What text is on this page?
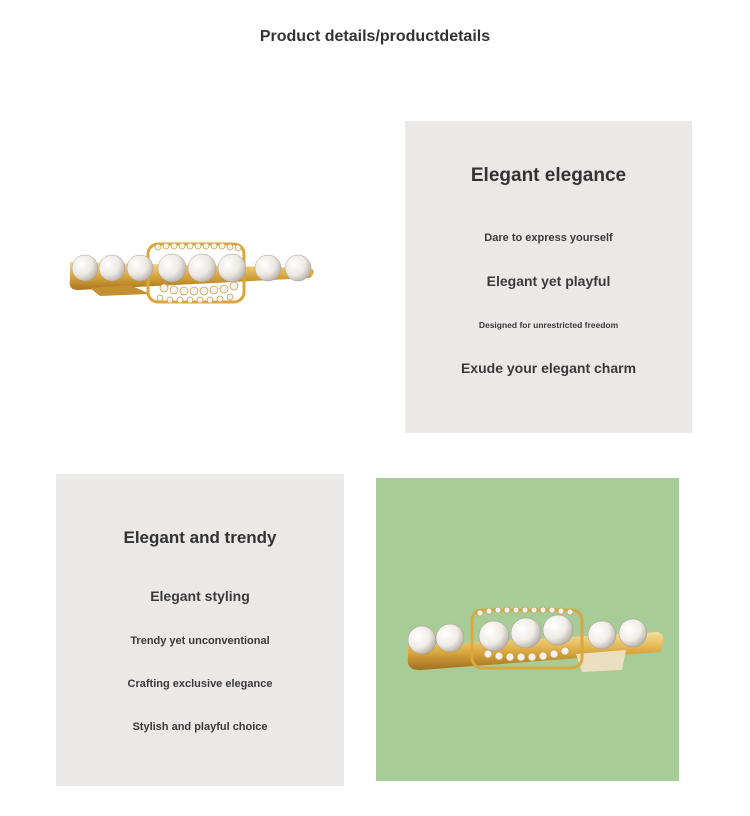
Product details/productdetails
Elegant elegance
Dare to express yourself
Elegant yet playful
Designed for unrestricted freedom
Exude your elegant charm
Elegant and trendy
Elegant styling
Trendy yet unconventional
Crafting exclusive elegance
Stylish and playful choice
